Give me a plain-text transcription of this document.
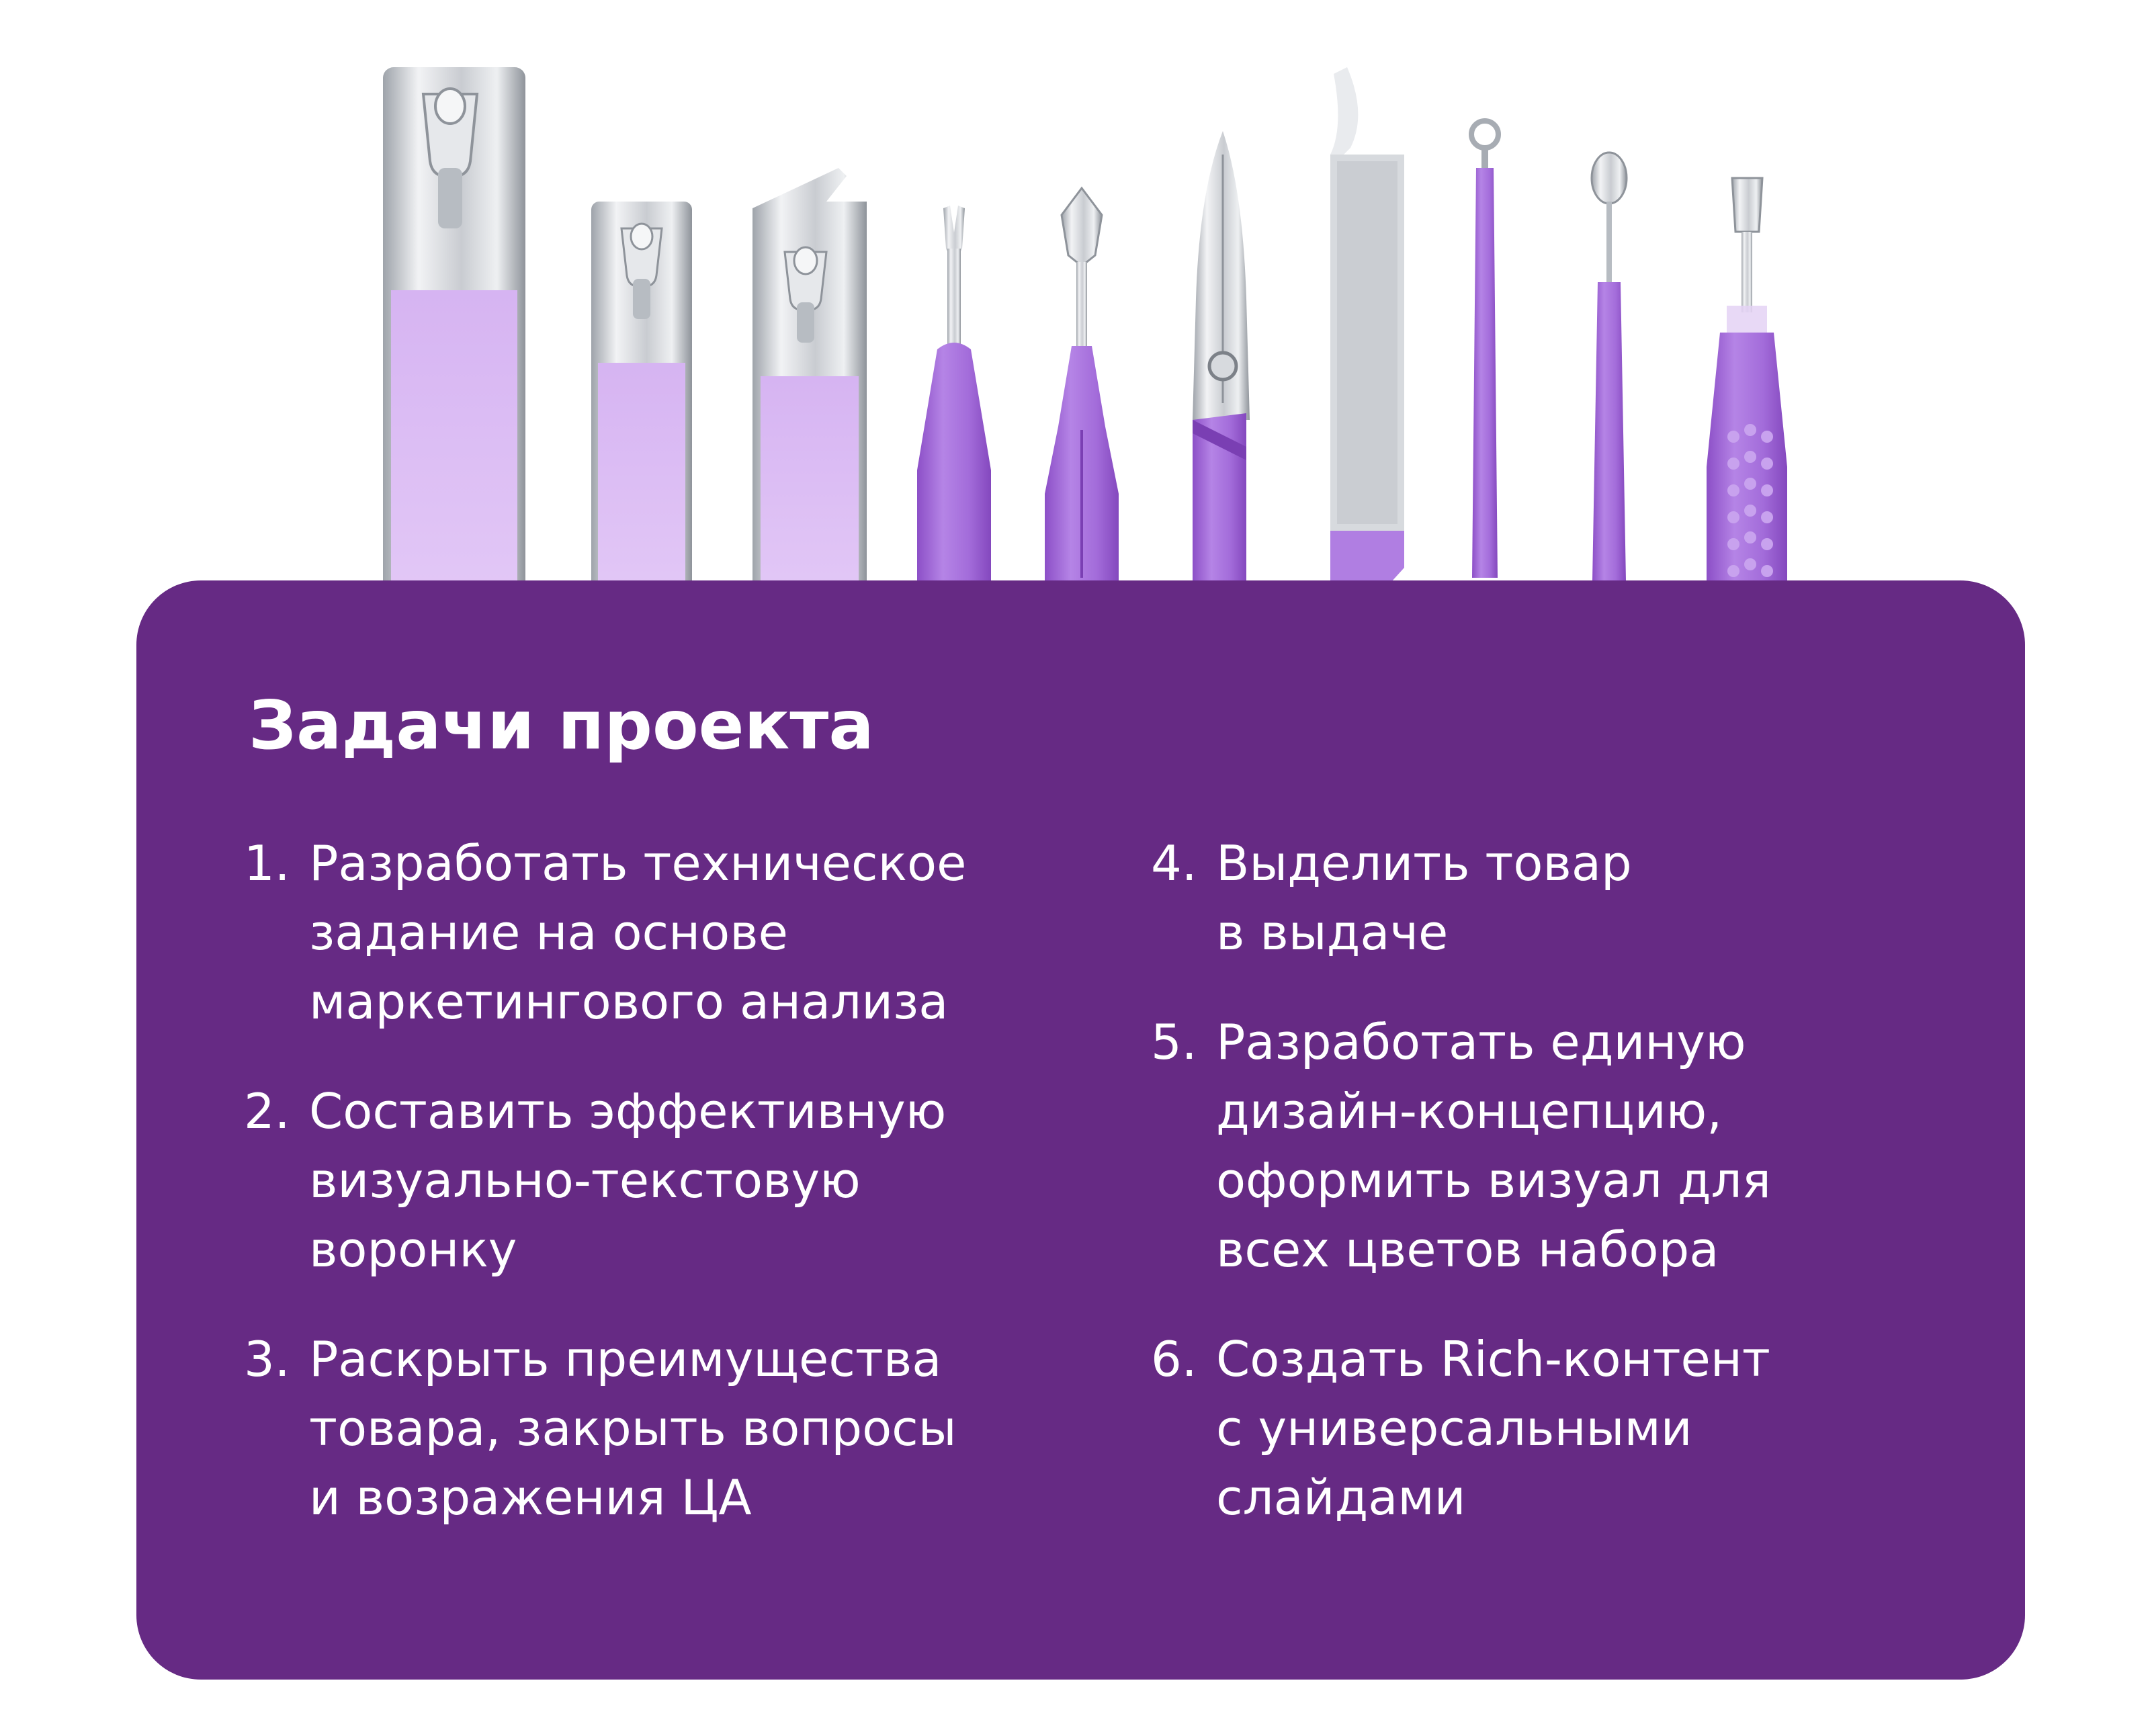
Задачи проекта
1. Разработать техническое
задание на основе
маркетингового анализа
2. Составить эффективную
визуально-текстовую
воронку
3. Раскрыть преимущества
товара, закрыть вопросы
и возражения ЦА
4. Выделить товар
в выдаче
5. Разработать единую
дизайн-концепцию,
оформить визуал для
всех цветов набора
6. Создать Rich-контент
с универсальными
слайдами
